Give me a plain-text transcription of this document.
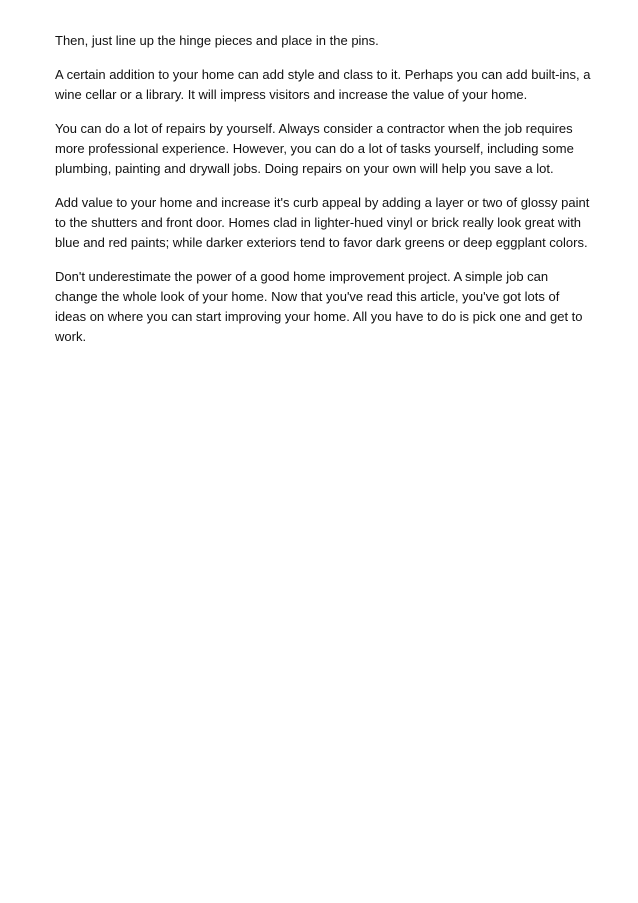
Then, just line up the hinge pieces and place in the pins.

A certain addition to your home can add style and class to it. Perhaps you can add built-ins, a
wine cellar or a library. It will impress visitors and increase the value of your home.

You can do a lot of repairs by yourself. Always consider a contractor when the job requires
more professional experience. However, you can do a lot of tasks yourself, including some
plumbing, painting and drywall jobs. Doing repairs on your own will help you save a lot.

Add value to your home and increase it's curb appeal by adding a layer or two of glossy paint
to the shutters and front door. Homes clad in lighter-hued vinyl or brick really look great with
blue and red paints; while darker exteriors tend to favor dark greens or deep eggplant colors.

Don't underestimate the power of a good home improvement project. A simple job can
change the whole look of your home. Now that you've read this article, you've got lots of
ideas on where you can start improving your home. All you have to do is pick one and get to
work.
